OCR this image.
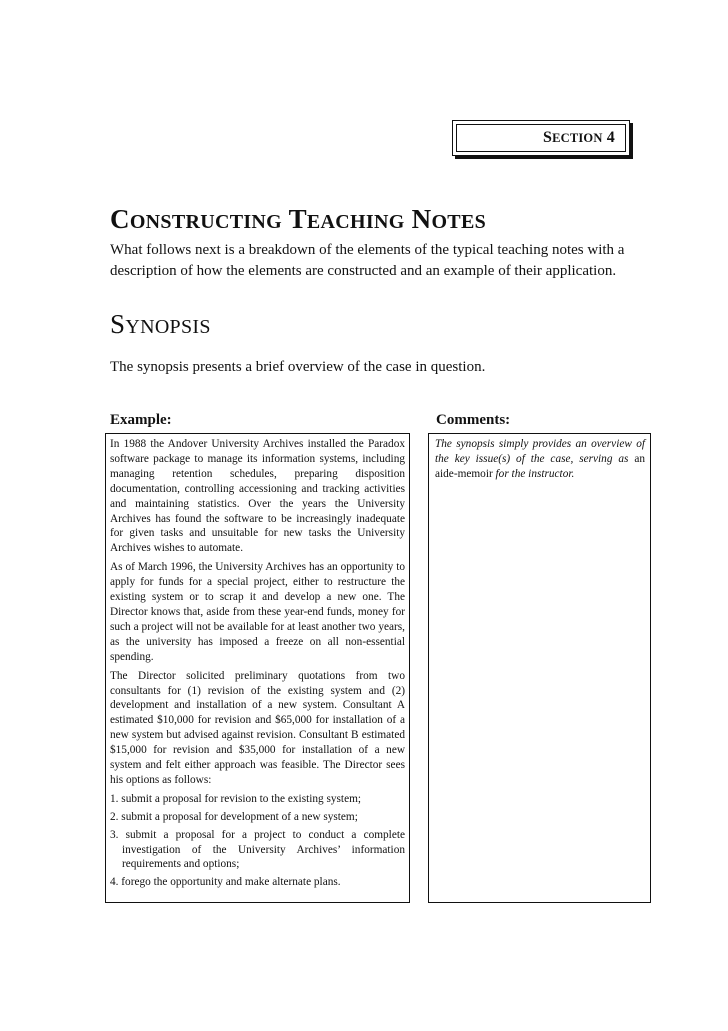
SECTION 4
CONSTRUCTING TEACHING NOTES
What follows next is a breakdown of the elements of the typical teaching notes with a description of how the elements are constructed and an example of their application.
SYNOPSIS
The synopsis presents a brief overview of the case in question.
Example:	Comments:

In 1988 the Andover University Archives installed the Paradox software package to manage its information systems, including managing retention schedules, preparing disposition documentation, controlling accessioning and tracking activities and maintaining statistics. Over the years the University Archives has found the software to be increasingly inadequate for given tasks and unsuitable for new tasks the University Archives wishes to automate.

As of March 1996, the University Archives has an opportunity to apply for funds for a special project, either to restructure the existing system or to scrap it and develop a new one. The Director knows that, aside from these year-end funds, money for such a project will not be available for at least another two years, as the university has imposed a freeze on all non-essential spending.

The Director solicited preliminary quotations from two consultants for (1) revision of the existing system and (2) development and installation of a new system. Consultant A estimated $10,000 for revision and $65,000 for installation of a new system but advised against revision. Consultant B estimated $15,000 for revision and $35,000 for installation of a new system and felt either approach was feasible. The Director sees his options as follows:

1. submit a proposal for revision to the existing system;

2. submit a proposal for development of a new system;

3. submit a proposal for a project to conduct a complete investigation of the University Archives’ information requirements and options;

4. forego the opportunity and make alternate plans.

The synopsis simply provides an overview of the key issue(s) of the case, serving as an aide-memoir for the instructor.
